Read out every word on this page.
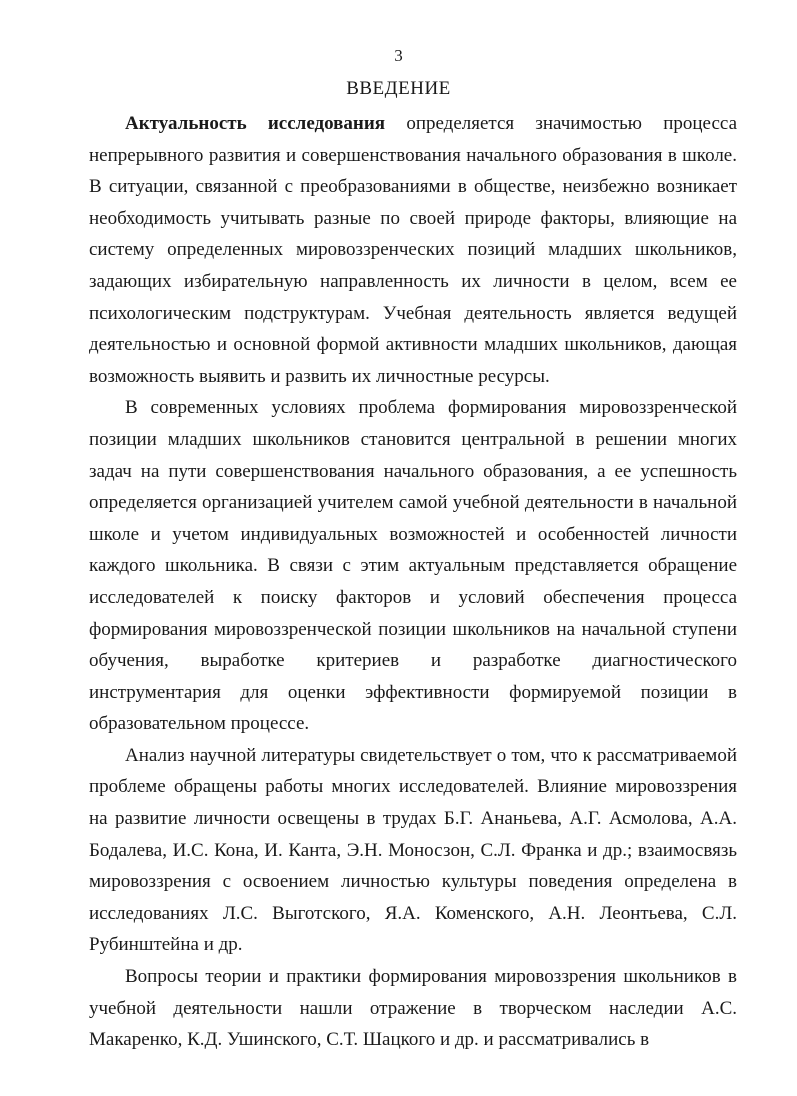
3
ВВЕДЕНИЕ

Актуальность исследования определяется значимостью процесса непрерывного развития и совершенствования начального образования в школе. В ситуации, связанной с преобразованиями в обществе, неизбежно возникает необходимость учитывать разные по своей природе факторы, влияющие на систему определенных мировоззренческих позиций младших школьников, задающих избирательную направленность их личности в целом, всем ее психологическим подструктурам. Учебная деятельность является ведущей деятельностью и основной формой активности младших школьников, дающая возможность выявить и развить их личностные ресурсы.

В современных условиях проблема формирования мировоззренческой позиции младших школьников становится центральной в решении многих задач на пути совершенствования начального образования, а ее успешность определяется организацией учителем самой учебной деятельности в начальной школе и учетом индивидуальных возможностей и особенностей личности каждого школьника. В связи с этим актуальным представляется обращение исследователей к поиску факторов и условий обеспечения процесса формирования мировоззренческой позиции школьников на начальной ступени обучения, выработке критериев и разработке диагностического инструментария для оценки эффективности формируемой позиции в образовательном процессе.

Анализ научной литературы свидетельствует о том, что к рассматриваемой проблеме обращены работы многих исследователей. Влияние мировоззрения на развитие личности освещены в трудах Б.Г. Ананьева, А.Г. Асмолова, А.А. Бодалева, И.С. Кона, И. Канта, Э.Н. Моносзон, С.Л. Франка и др.; взаимосвязь мировоззрения с освоением личностью культуры поведения определена в исследованиях Л.С. Выготского, Я.А. Коменского, А.Н. Леонтьева, С.Л. Рубинштейна и др.

Вопросы теории и практики формирования мировоззрения школьников в учебной деятельности нашли отражение в творческом наследии А.С. Макаренко, К.Д. Ушинского, С.Т. Шацкого и др. и рассматривались в
